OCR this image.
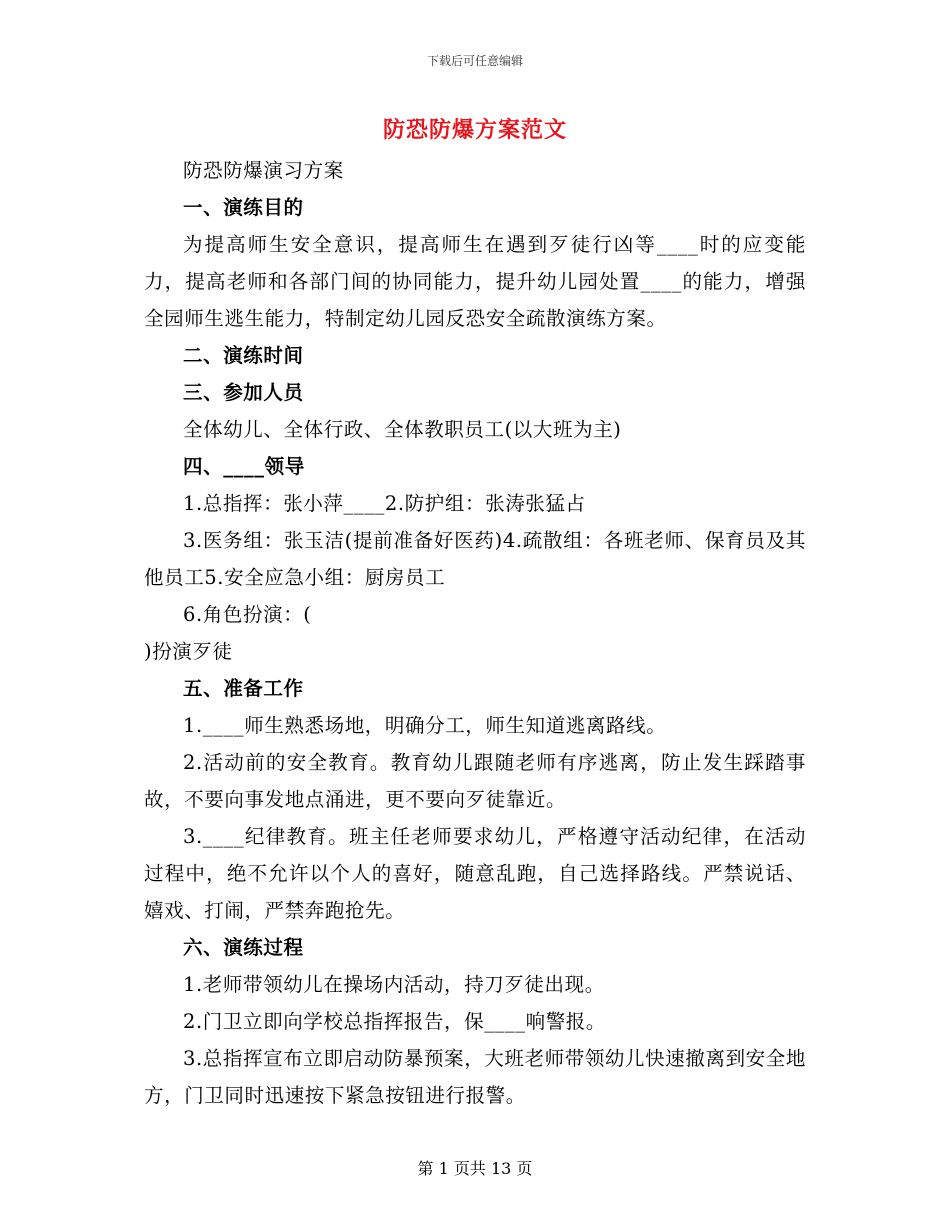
下载后可任意编辑
防恐防爆方案范文

防恐防爆演习方案

一、演练目的

为提高师生安全意识，提高师生在遇到歹徒行凶等____时的应变能力，提高老师和各部门间的协同能力，提升幼儿园处置____的能力，增强全园师生逃生能力，特制定幼儿园反恐安全疏散演练方案。

二、演练时间

三、参加人员

全体幼儿、全体行政、全体教职员工(以大班为主)

四、____领导

1.总指挥：张小萍____2.防护组：张涛张猛占

3.医务组：张玉洁(提前准备好医药)4.疏散组：各班老师、保育员及其他员工5.安全应急小组：厨房员工

6.角色扮演：(

)扮演歹徒

五、准备工作

1.____师生熟悉场地，明确分工，师生知道逃离路线。

2.活动前的安全教育。教育幼儿跟随老师有序逃离，防止发生踩踏事故，不要向事发地点涌进，更不要向歹徒靠近。

3.____纪律教育。班主任老师要求幼儿，严格遵守活动纪律，在活动过程中，绝不允许以个人的喜好，随意乱跑，自己选择路线。严禁说话、嬉戏、打闹，严禁奔跑抢先。

六、演练过程

1.老师带领幼儿在操场内活动，持刀歹徒出现。

2.门卫立即向学校总指挥报告，保____响警报。

3.总指挥宣布立即启动防暴预案，大班老师带领幼儿快速撤离到安全地方，门卫同时迅速按下紧急按钮进行报警。

第 1 页共 13 页
